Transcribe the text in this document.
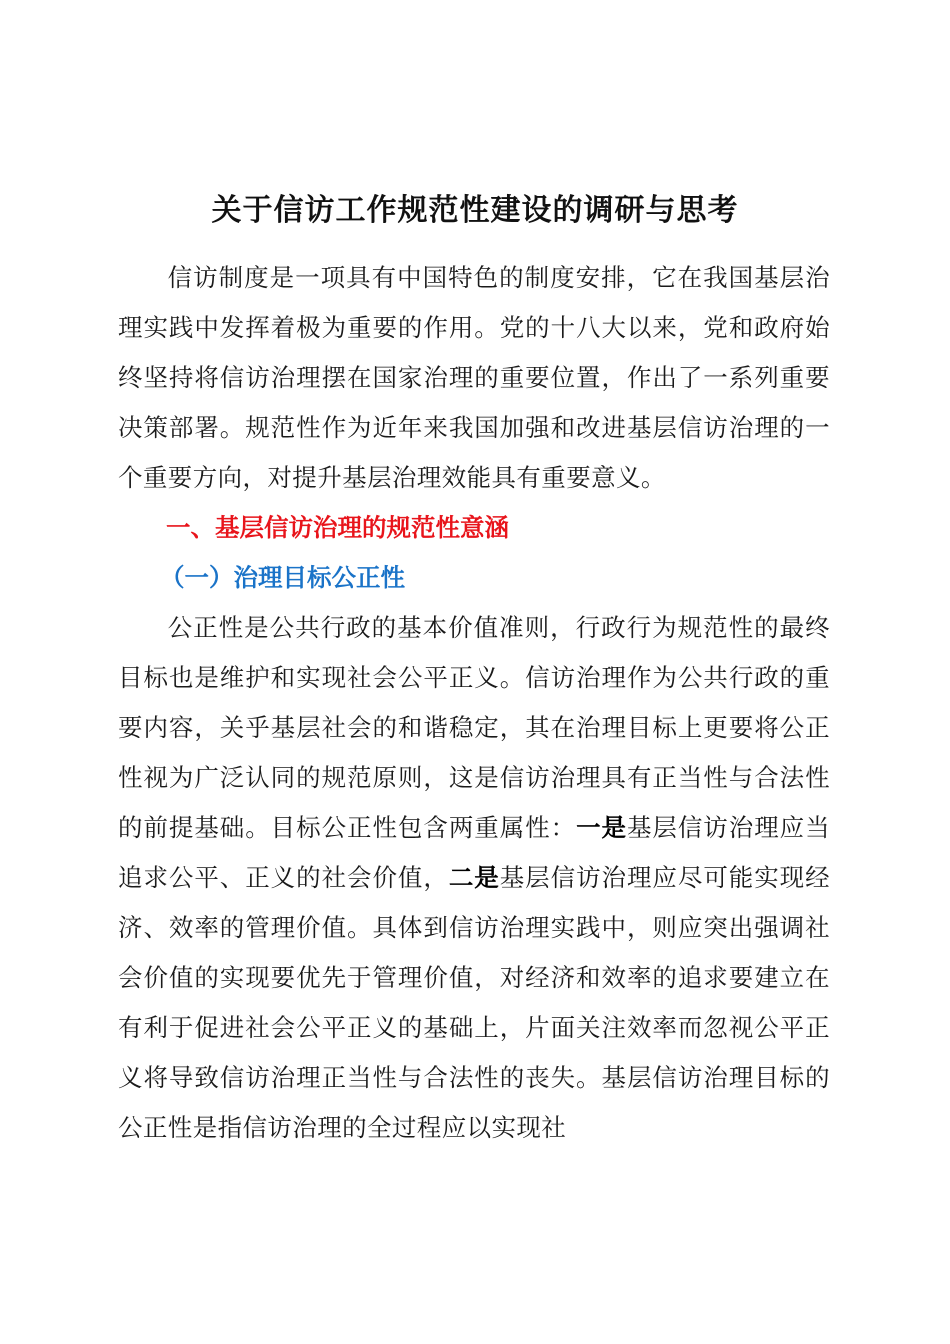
关于信访工作规范性建设的调研与思考

信访制度是一项具有中国特色的制度安排，它在我国基层治理实践中发挥着极为重要的作用。党的十八大以来，党和政府始终坚持将信访治理摆在国家治理的重要位置，作出了一系列重要决策部署。规范性作为近年来我国加强和改进基层信访治理的一个重要方向，对提升基层治理效能具有重要意义。

一、基层信访治理的规范性意涵
（一）治理目标公正性

公正性是公共行政的基本价值准则，行政行为规范性的最终目标也是维护和实现社会公平正义。信访治理作为公共行政的重要内容，关乎基层社会的和谐稳定，其在治理目标上更要将公正性视为广泛认同的规范原则，这是信访治理具有正当性与合法性的前提基础。目标公正性包含两重属性：一是基层信访治理应当追求公平、正义的社会价值，二是基层信访治理应尽可能实现经济、效率的管理价值。具体到信访治理实践中，则应突出强调社会价值的实现要优先于管理价值，对经济和效率的追求要建立在有利于促进社会公平正义的基础上，片面关注效率而忽视公平正义将导致信访治理正当性与合法性的丧失。基层信访治理目标的公正性是指信访治理的全过程应以实现社
